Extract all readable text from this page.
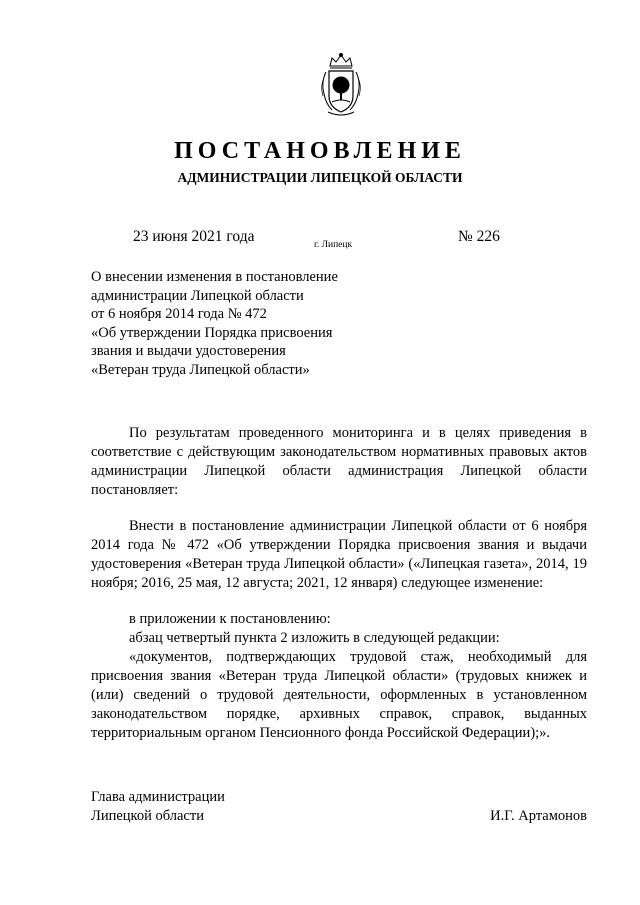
ПОСТАНОВЛЕНИЕ
АДМИНИСТРАЦИИ ЛИПЕЦКОЙ ОБЛАСТИ
23 июня 2021 года	г. Липецк	№ 226
О внесении изменения в постановление
администрации Липецкой области
от 6 ноября 2014 года № 472
«Об утверждении Порядка присвоения
звания и выдачи удостоверения
«Ветеран труда Липецкой области»

По результатам проведенного мониторинга и в целях приведения в соответствие с действующим законодательством нормативных правовых актов администрации Липецкой области администрация Липецкой области постановляет:

Внести в постановление администрации Липецкой области от 6 ноября 2014 года № 472 «Об утверждении Порядка присвоения звания и выдачи удостоверения «Ветеран труда Липецкой области» («Липецкая газета», 2014, 19 ноября; 2016, 25 мая, 12 августа; 2021, 12 января) следующее изменение:

в приложении к постановлению:

абзац четвертый пункта 2 изложить в следующей редакции:

«документов, подтверждающих трудовой стаж, необходимый для присвоения звания «Ветеран труда Липецкой области» (трудовых книжек и (или) сведений о трудовой деятельности, оформленных в установленном законодательством порядке, архивных справок, справок, выданных территориальным органом Пенсионного фонда Российской Федерации);».

Глава администрации
Липецкой области	И.Г. Артамонов
